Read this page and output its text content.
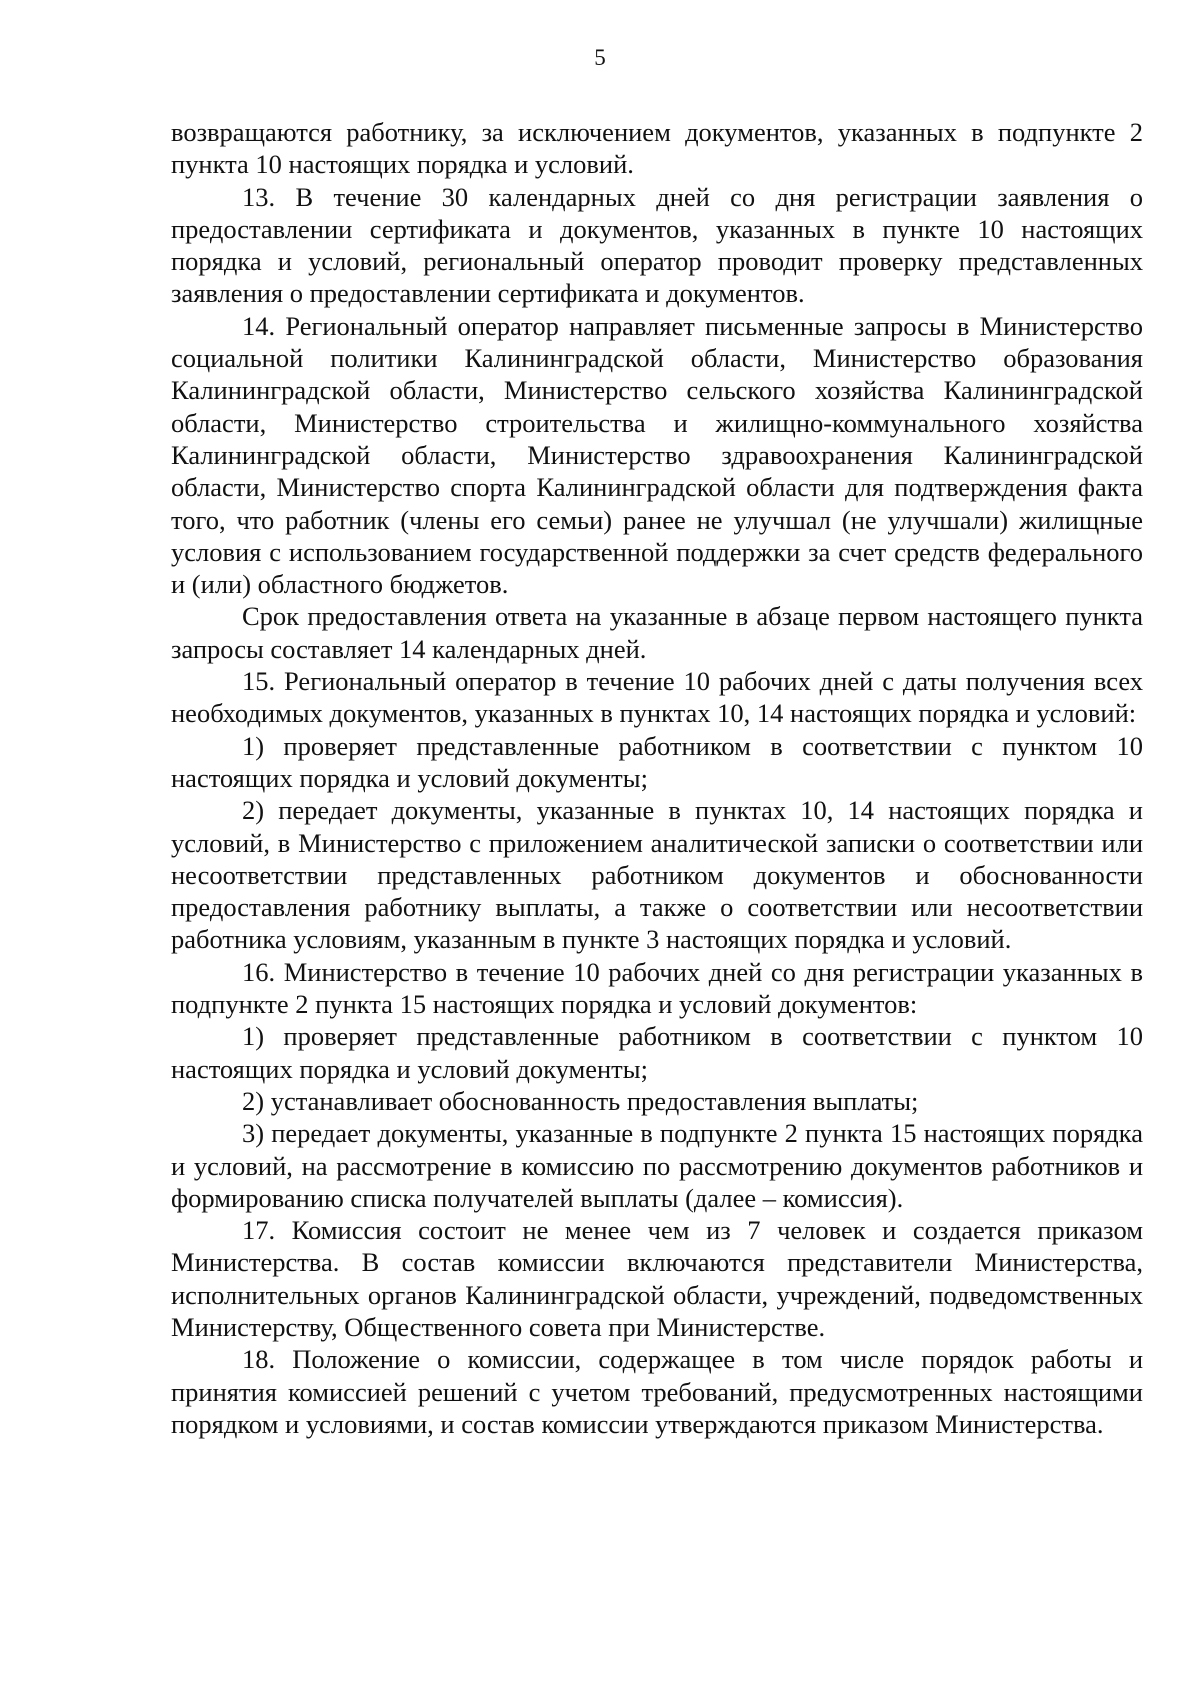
5

возвращаются работнику, за исключением документов, указанных в подпункте 2 пункта 10 настоящих порядка и условий.

13. В течение 30 календарных дней со дня регистрации заявления о предоставлении сертификата и документов, указанных в пункте 10 настоящих порядка и условий, региональный оператор проводит проверку представленных заявления о предоставлении сертификата и документов.

14. Региональный оператор направляет письменные запросы в Министерство социальной политики Калининградской области, Министерство образования Калининградской области, Министерство сельского хозяйства Калининградской области, Министерство строительства и жилищно-коммунального хозяйства Калининградской области, Министерство здравоохранения Калининградской области, Министерство спорта Калининградской области для подтверждения факта того, что работник (члены его семьи) ранее не улучшал (не улучшали) жилищные условия с использованием государственной поддержки за счет средств федерального и (или) областного бюджетов.

Срок предоставления ответа на указанные в абзаце первом настоящего пункта запросы составляет 14 календарных дней.

15. Региональный оператор в течение 10 рабочих дней с даты получения всех необходимых документов, указанных в пунктах 10, 14 настоящих порядка и условий:

1) проверяет представленные работником в соответствии с пунктом 10 настоящих порядка и условий документы;

2) передает документы, указанные в пунктах 10, 14 настоящих порядка и условий, в Министерство с приложением аналитической записки о соответствии или несоответствии представленных работником документов и обоснованности предоставления работнику выплаты, а также о соответствии или несоответствии работника условиям, указанным в пункте 3 настоящих порядка и условий.

16. Министерство в течение 10 рабочих дней со дня регистрации указанных в подпункте 2 пункта 15 настоящих порядка и условий документов:

1) проверяет представленные работником в соответствии с пунктом 10 настоящих порядка и условий документы;

2) устанавливает обоснованность предоставления выплаты;

3) передает документы, указанные в подпункте 2 пункта 15 настоящих порядка и условий, на рассмотрение в комиссию по рассмотрению документов работников и формированию списка получателей выплаты (далее – комиссия).

17. Комиссия состоит не менее чем из 7 человек и создается приказом Министерства. В состав комиссии включаются представители Министерства, исполнительных органов Калининградской области, учреждений, подведомственных Министерству, Общественного совета при Министерстве.

18. Положение о комиссии, содержащее в том числе порядок работы и принятия комиссией решений с учетом требований, предусмотренных настоящими порядком и условиями, и состав комиссии утверждаются приказом Министерства.
